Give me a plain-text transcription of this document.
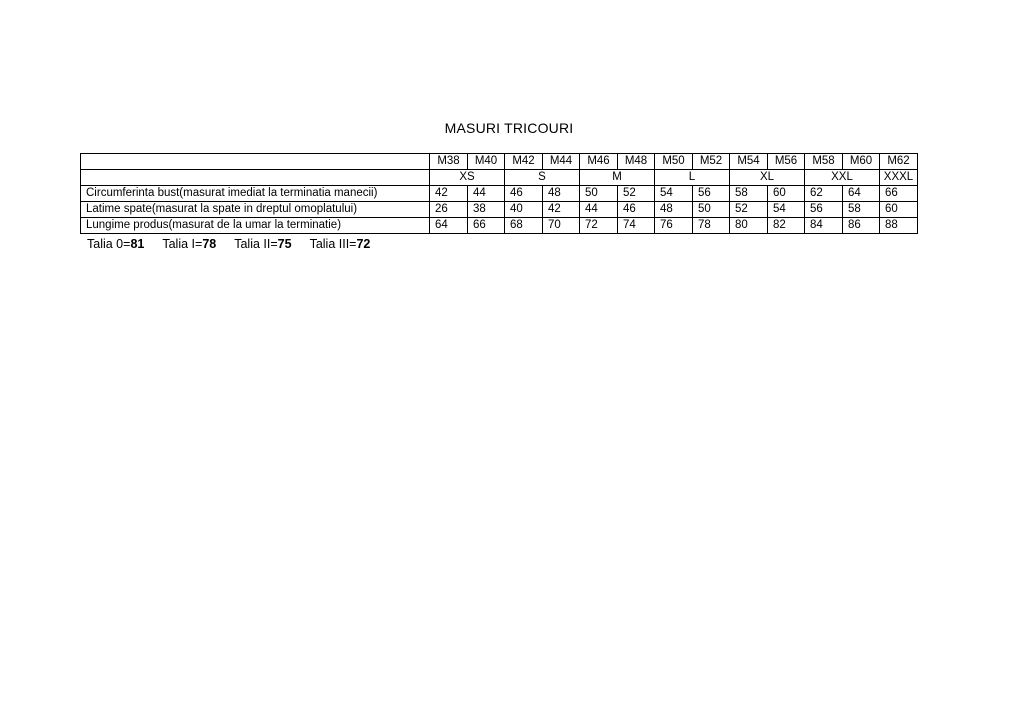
MASURI TRICOURI
	M38	M40	M42	M44	M46	M48	M50	M52	M54	M56	M58	M60	M62
	XS		S		M		L		XL		XXL		XXXL
Circumferinta bust(masurat imediat la terminatia manecii)	42	44	46	48	50	52	54	56	58	60	62	64	66
Latime spate(masurat la spate in dreptul omoplatului)	26	38	40	42	44	46	48	50	52	54	56	58	60
Lungime produs(masurat de la umar la terminatie)	64	66	68	70	72	74	76	78	80	82	84	86	88
Talia 0=81 Talia I=78 Talia II=75 Talia III=72
